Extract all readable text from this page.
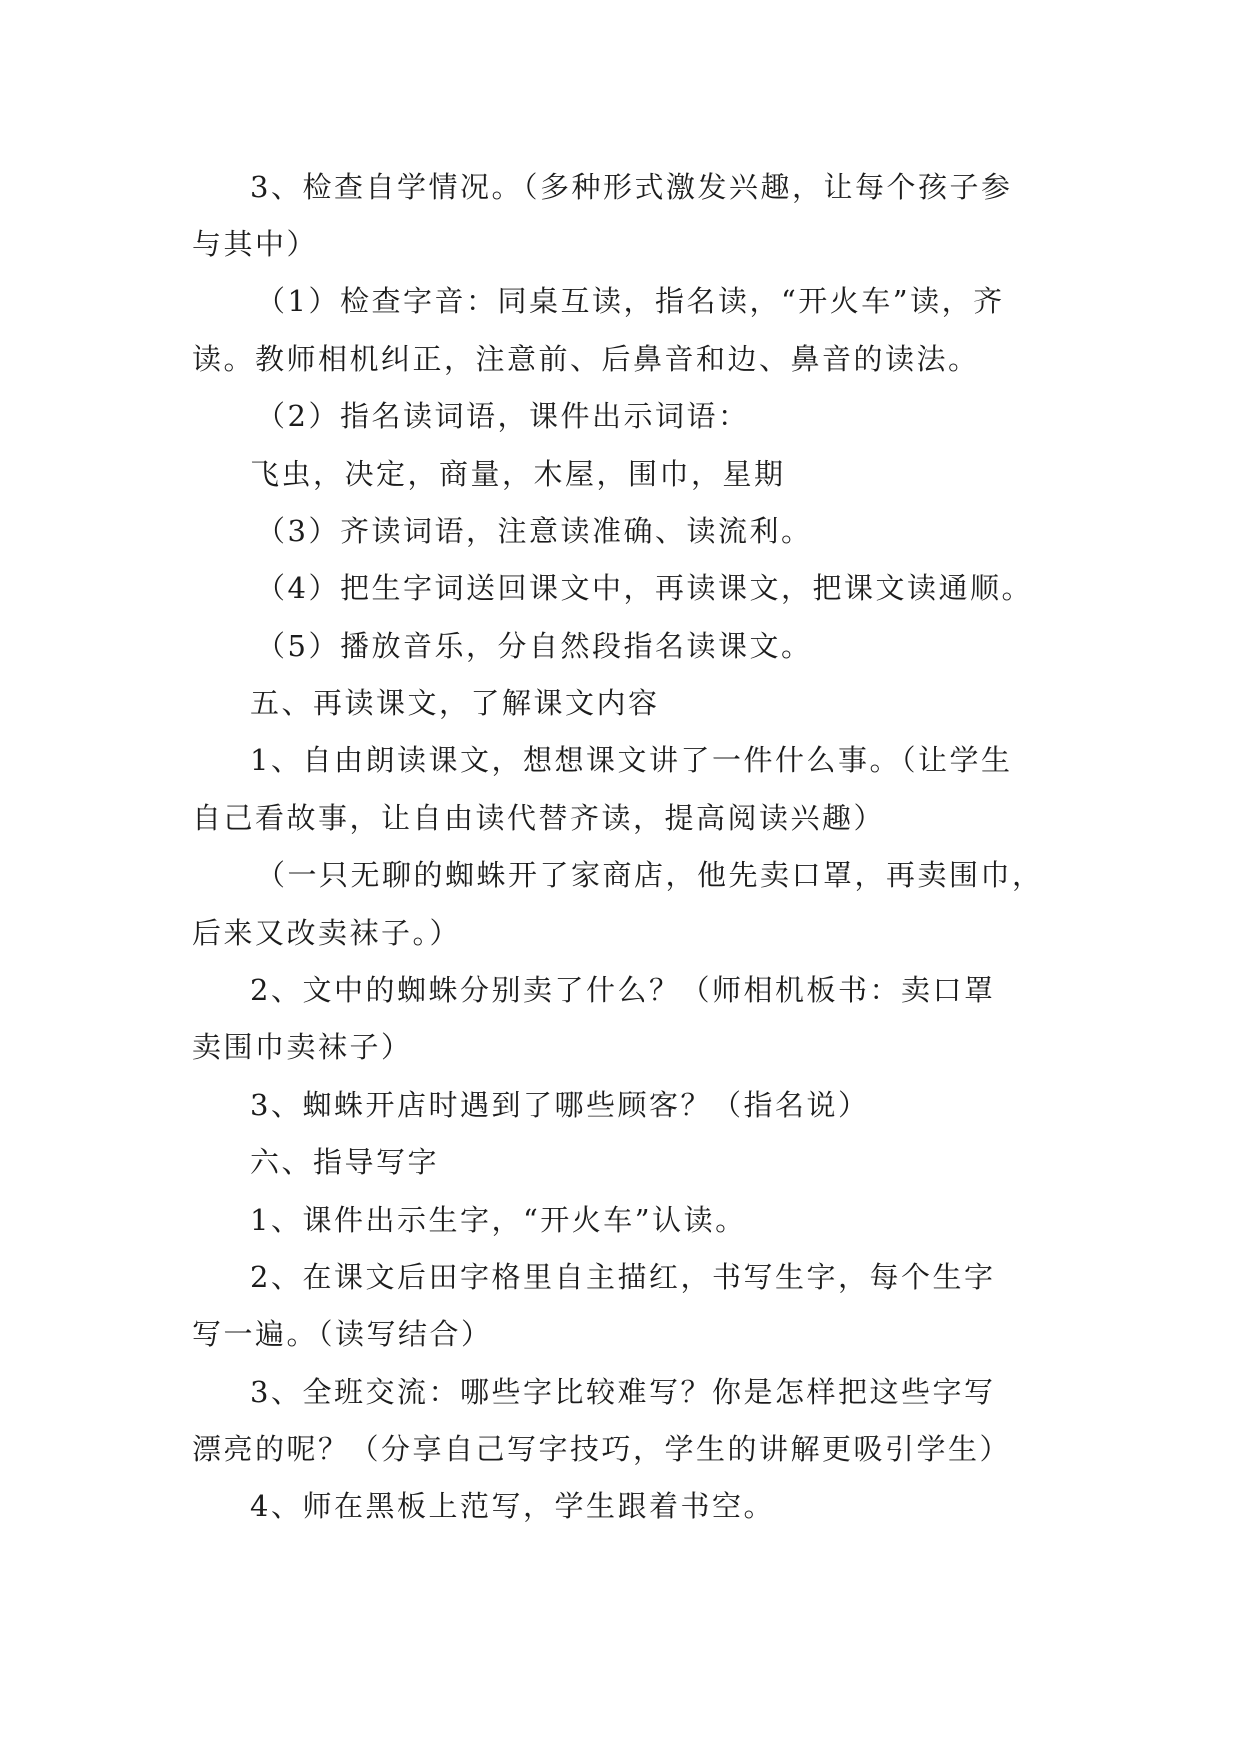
3、检查自学情况。（多种形式激发兴趣，让每个孩子参
与其中）
（1）检查字音：同桌互读，指名读，“开火车”读，齐
读。教师相机纠正，注意前、后鼻音和边、鼻音的读法。
（2）指名读词语，课件出示词语：
飞虫，决定，商量，木屋，围巾，星期
（3）齐读词语，注意读准确、读流利。
（4）把生字词送回课文中，再读课文，把课文读通顺。
（5）播放音乐，分自然段指名读课文。
五、再读课文，了解课文内容
1、自由朗读课文，想想课文讲了一件什么事。（让学生
自己看故事，让自由读代替齐读，提高阅读兴趣）
（一只无聊的蜘蛛开了家商店，他先卖口罩，再卖围巾，
后来又改卖袜子。）
2、文中的蜘蛛分别卖了什么？（师相机板书：卖口罩
卖围巾卖袜子）
3、蜘蛛开店时遇到了哪些顾客？（指名说）
六、指导写字
1、课件出示生字，“开火车”认读。
2、在课文后田字格里自主描红，书写生字，每个生字
写一遍。（读写结合）
3、全班交流：哪些字比较难写？你是怎样把这些字写
漂亮的呢？（分享自己写字技巧，学生的讲解更吸引学生）
4、师在黑板上范写，学生跟着书空。
